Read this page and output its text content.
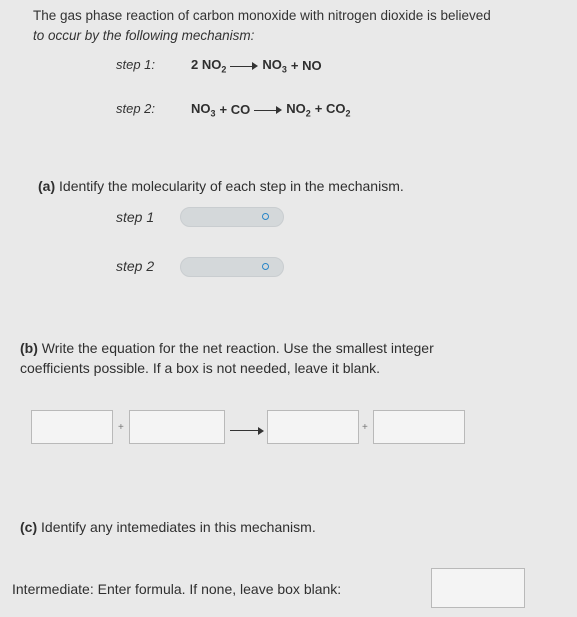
The gas phase reaction of carbon monoxide with nitrogen dioxide is believed
to occur by the following mechanism:
step 1:	2 $NO_2$	$NO_3$ + NO
step 2:	$NO_3$ + CO	$NO_2 + CO_2$
(a) Identify the molecularity of each step in the mechanism.
step 1
step 2
(b) Write the equation for the net reaction. Use the smallest integer
coefficients possible. If a box is not needed, leave it blank.
+	+
(c) Identify any intemediates in this mechanism.
Intermediate: Enter formula. If none, leave box blank:
